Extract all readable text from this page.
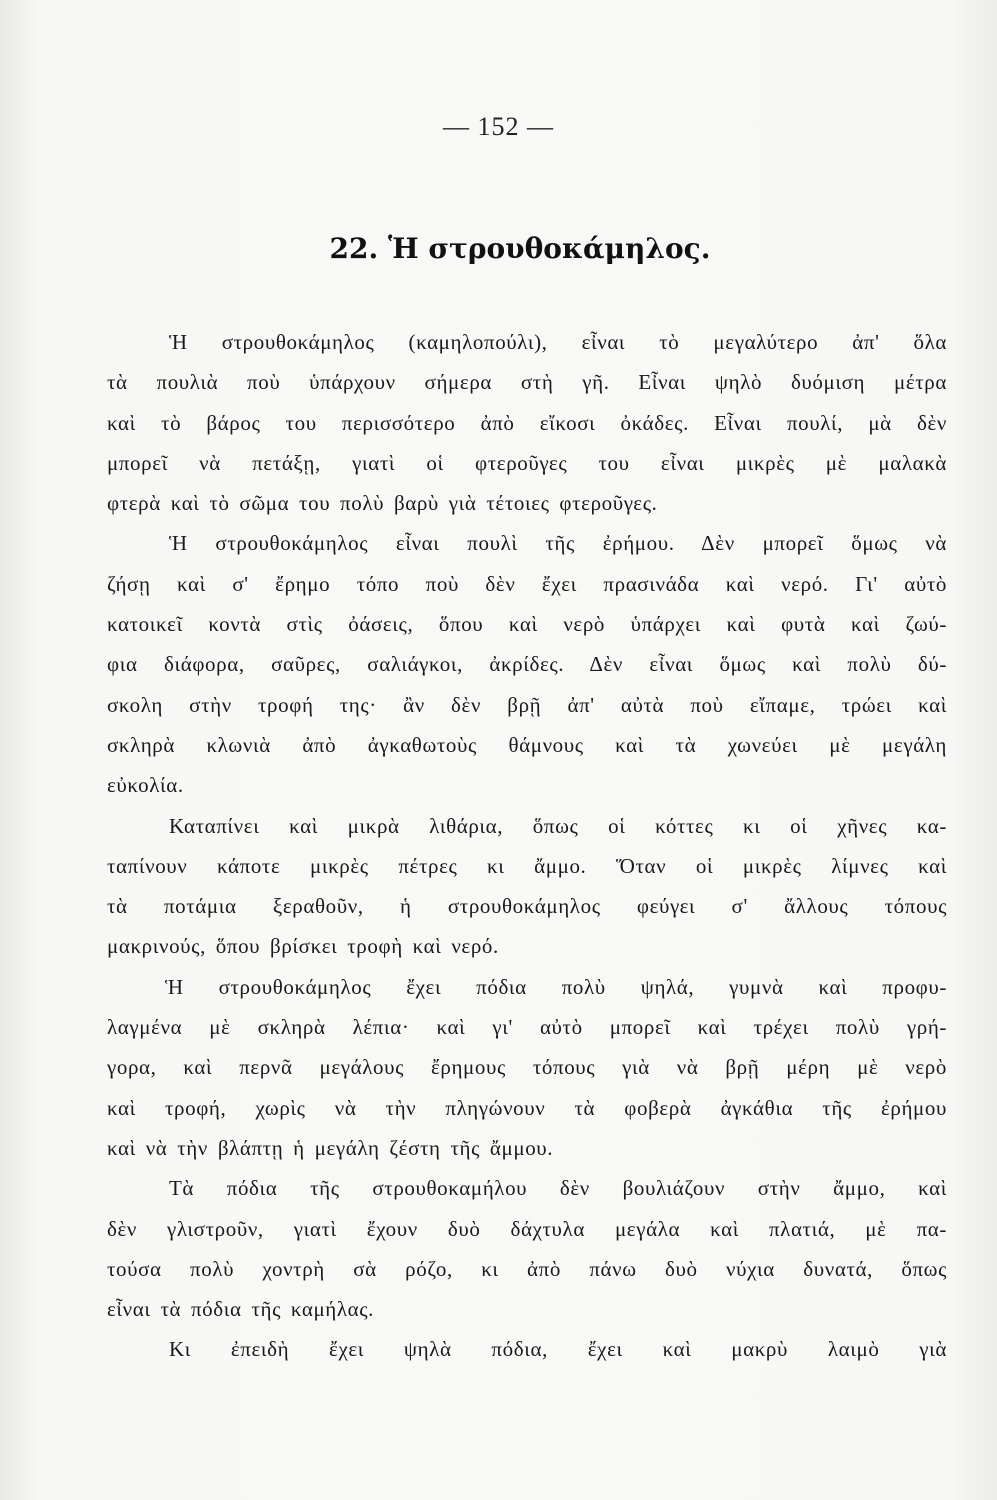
— 152 —
22. Ἡ στρουθοκάμηλος.
Ἡ στρουθοκάμηλος (καμηλοπούλι), εἶναι τὸ μεγαλύτερο ἀπ' ὅλα
τὰ πουλιὰ ποὺ ὑπάρχουν σήμερα στὴ γῆ. Εἶναι ψηλὸ δυόμιση μέτρα
καὶ τὸ βάρος του περισσότερο ἀπὸ εἴκοσι ὀκάδες. Εἶναι πουλί, μὰ δὲν
μπορεῖ νὰ πετάξῃ, γιατὶ οἱ φτεροῦγες του εἶναι μικρὲς μὲ μαλακὰ
φτερὰ καὶ τὸ σῶμα του πολὺ βαρὺ γιὰ τέτοιες φτεροῦγες.
Ἡ στρουθοκάμηλος εἶναι πουλὶ τῆς ἐρήμου. Δὲν μπορεῖ ὅμως νὰ
ζήσῃ καὶ σ' ἔρημο τόπο ποὺ δὲν ἔχει πρασινάδα καὶ νερό. Γι' αὐτὸ
κατοικεῖ κοντὰ στὶς ὀάσεις, ὅπου καὶ νερὸ ὑπάρχει καὶ φυτὰ καὶ ζωύ-
φια διάφορα, σαῦρες, σαλιάγκοι, ἀκρίδες. Δὲν εἶναι ὅμως καὶ πολὺ δύ-
σκολη στὴν τροφή της· ἂν δὲν βρῇ ἀπ' αὐτὰ ποὺ εἴπαμε, τρώει καὶ
σκληρὰ κλωνιὰ ἀπὸ ἀγκαθωτοὺς θάμνους καὶ τὰ χωνεύει μὲ μεγάλη
εὐκολία.
Καταπίνει καὶ μικρὰ λιθάρια, ὅπως οἱ κόττες κι οἱ χῆνες κα-
ταπίνουν κάποτε μικρὲς πέτρες κι ἄμμο. Ὅταν οἱ μικρὲς λίμνες καὶ
τὰ ποτάμια ξεραθοῦν, ἡ στρουθοκάμηλος φεύγει σ' ἄλλους τόπους
μακρινούς, ὅπου βρίσκει τροφὴ καὶ νερό.
Ἡ στρουθοκάμηλος ἔχει πόδια πολὺ ψηλά, γυμνὰ καὶ προφυ-
λαγμένα μὲ σκληρὰ λέπια· καὶ γι' αὐτὸ μπορεῖ καὶ τρέχει πολὺ γρή-
γορα, καὶ περνᾶ μεγάλους ἔρημους τόπους γιὰ νὰ βρῇ μέρη μὲ νερὸ
καὶ τροφή, χωρὶς νὰ τὴν πληγώνουν τὰ φοβερὰ ἀγκάθια τῆς ἐρήμου
καὶ νὰ τὴν βλάπτῃ ἡ μεγάλη ζέστη τῆς ἄμμου.
Τὰ πόδια τῆς στρουθοκαμήλου δὲν βουλιάζουν στὴν ἄμμο, καὶ
δὲν γλιστροῦν, γιατὶ ἔχουν δυὸ δάχτυλα μεγάλα καὶ πλατιά, μὲ πα-
τούσα πολὺ χοντρὴ σὰ ρόζο, κι ἀπὸ πάνω δυὸ νύχια δυνατά, ὅπως
εἶναι τὰ πόδια τῆς καμήλας.
Κι ἐπειδὴ ἔχει ψηλὰ πόδια, ἔχει καὶ μακρὺ λαιμὸ γιὰ
